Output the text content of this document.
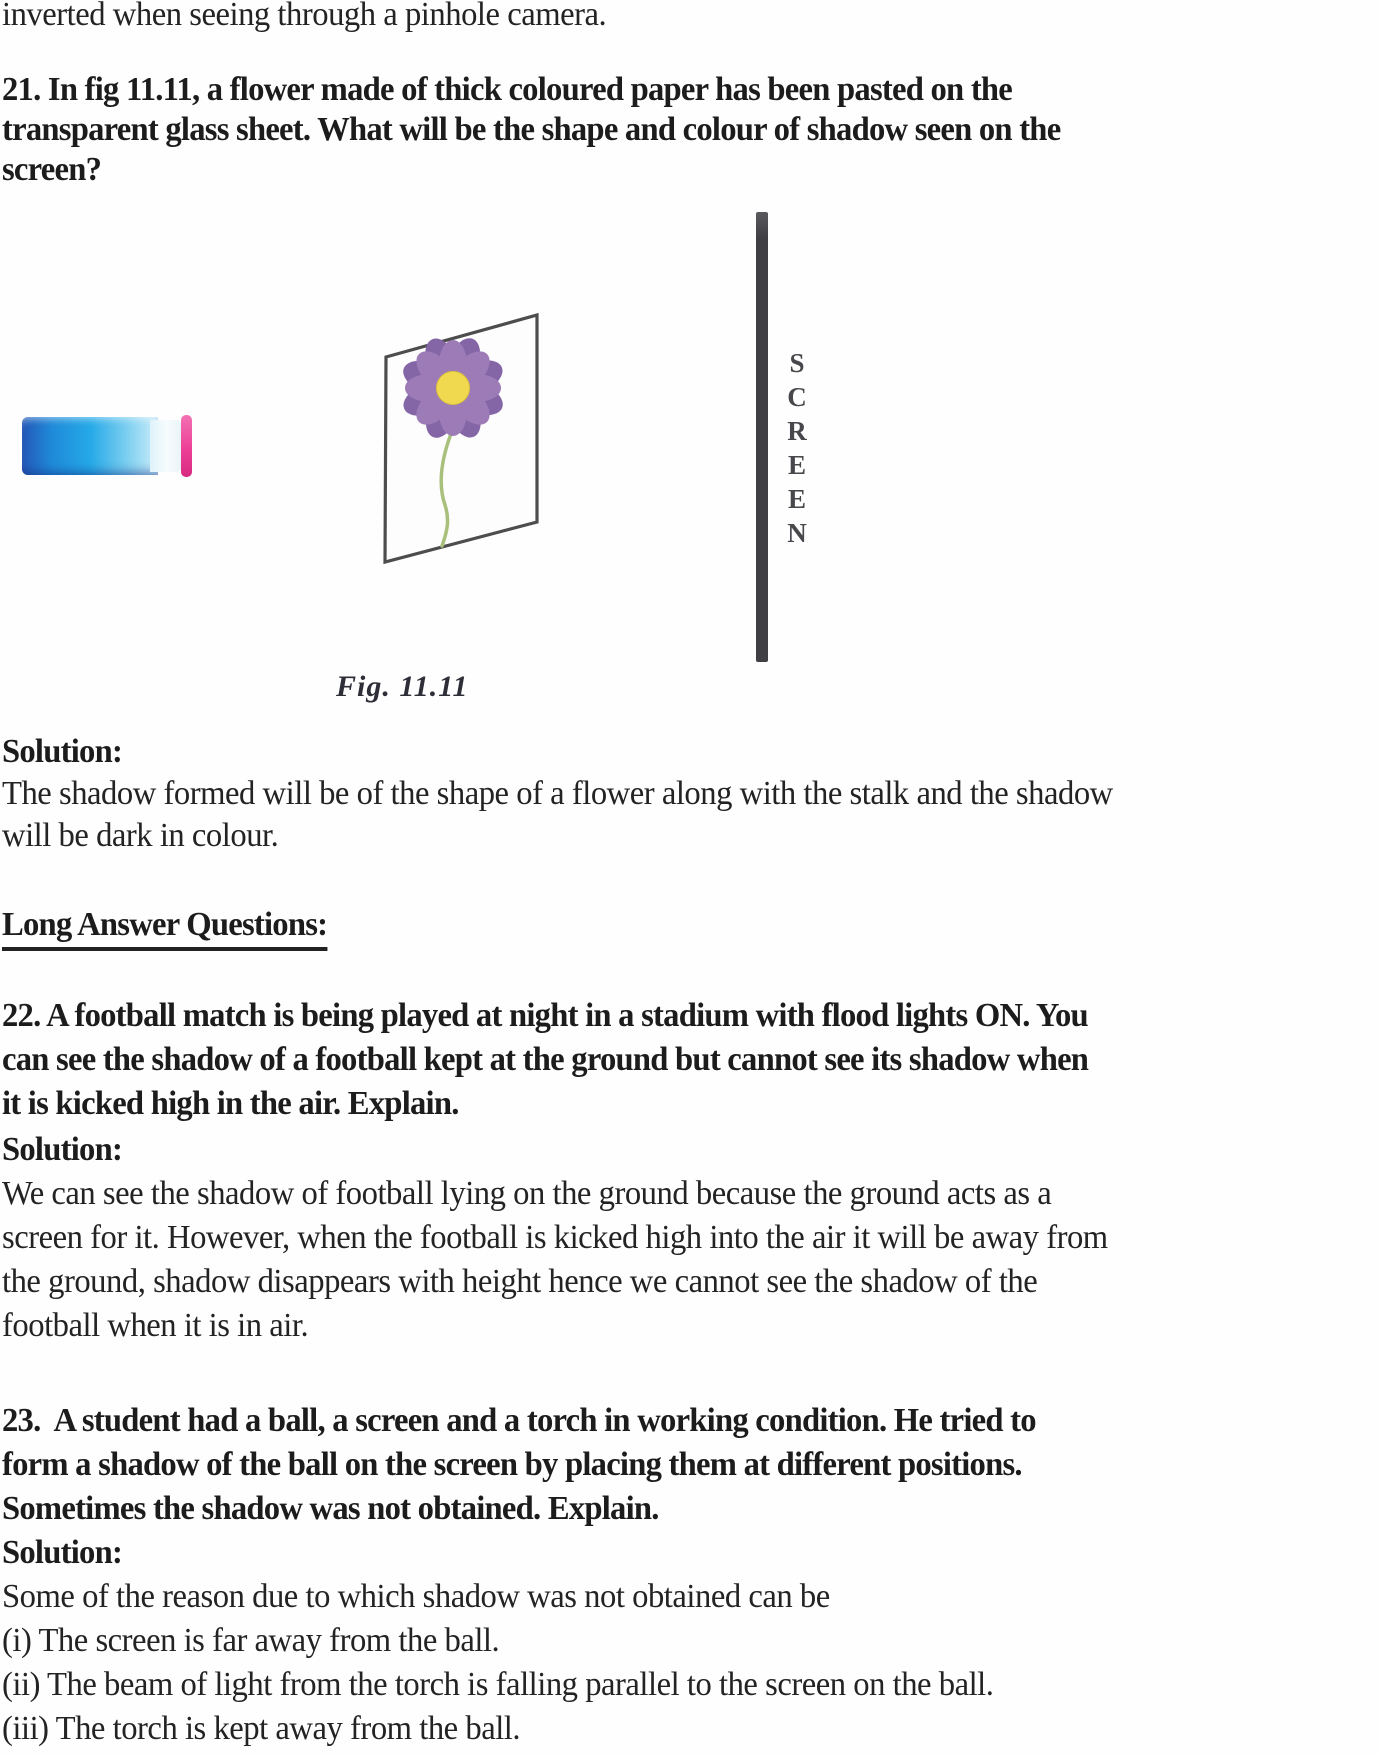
inverted when seeing through a pinhole camera.
21. In fig 11.11, a flower made of thick coloured paper has been pasted on the
transparent glass sheet. What will be the shape and colour of shadow seen on the
screen?
S
C
R
E
E
N
Fig. 11.11
Solution:
The shadow formed will be of the shape of a flower along with the stalk and the shadow
will be dark in colour.
Long Answer Questions:
22. A football match is being played at night in a stadium with flood lights ON. You
can see the shadow of a football kept at the ground but cannot see its shadow when
it is kicked high in the air. Explain.
Solution:
We can see the shadow of football lying on the ground because the ground acts as a
screen for it. However, when the football is kicked high into the air it will be away from
the ground, shadow disappears with height hence we cannot see the shadow of the
football when it is in air.
23.  A student had a ball, a screen and a torch in working condition. He tried to
form a shadow of the ball on the screen by placing them at different positions.
Sometimes the shadow was not obtained. Explain.
Solution:
Some of the reason due to which shadow was not obtained can be
(i) The screen is far away from the ball.
(ii) The beam of light from the torch is falling parallel to the screen on the ball.
(iii) The torch is kept away from the ball.
